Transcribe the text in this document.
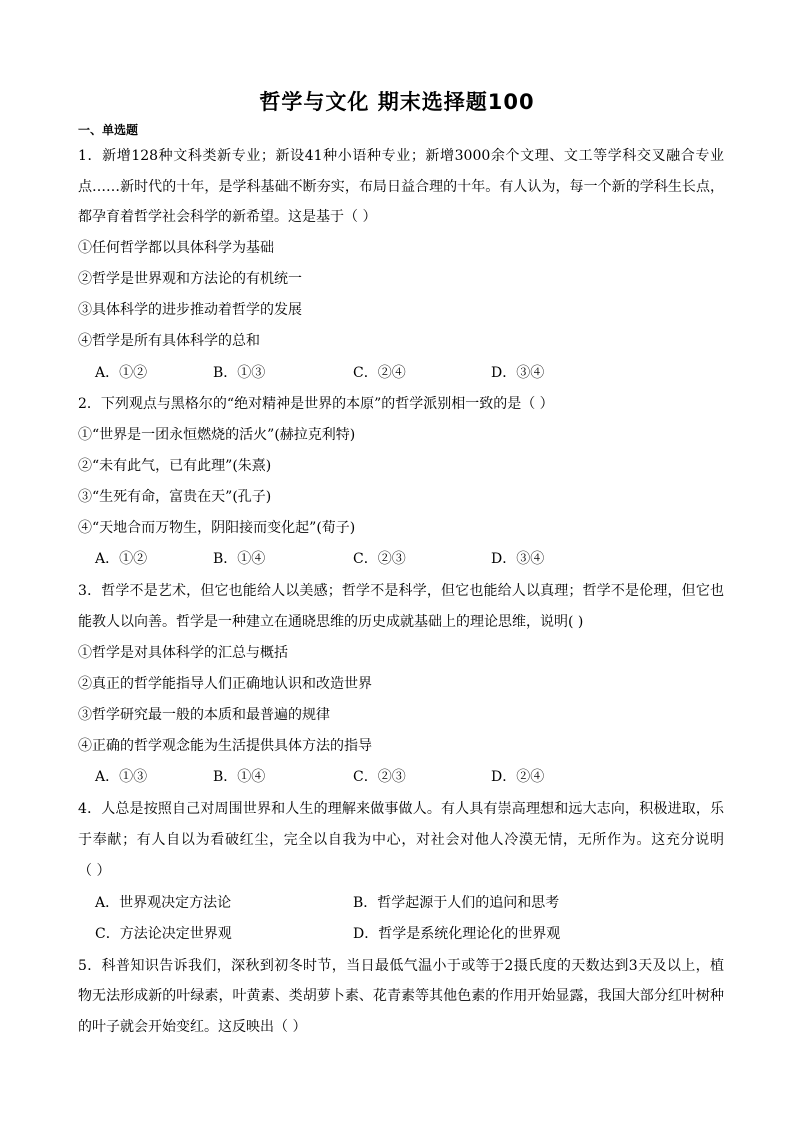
哲学与文化 期末选择题100
一、单选题
1．新增128种文科类新专业；新设41种小语种专业；新增3000余个文理、文工等学科交叉融合专业
点……新时代的十年，是学科基础不断夯实，布局日益合理的十年。有人认为，每一个新的学科生长点，
都孕育着哲学社会科学的新希望。这是基于（ ）
①任何哲学都以具体科学为基础
②哲学是世界观和方法论的有机统一
③具体科学的进步推动着哲学的发展
④哲学是所有具体科学的总和
A．①②	B．①③	C．②④	D．③④
2．下列观点与黑格尔的“绝对精神是世界的本原”的哲学派别相一致的是（ ）
①“世界是一团永恒燃烧的活火”(赫拉克利特)
②“未有此气，已有此理”(朱熹)
③“生死有命，富贵在天”(孔子)
④“天地合而万物生，阴阳接而变化起”(荀子)
A．①②	B．①④	C．②③	D．③④
3．哲学不是艺术，但它也能给人以美感；哲学不是科学，但它也能给人以真理；哲学不是伦理，但它也
能教人以向善。哲学是一种建立在通晓思维的历史成就基础上的理论思维，说明( )
①哲学是对具体科学的汇总与概括
②真正的哲学能指导人们正确地认识和改造世界
③哲学研究最一般的本质和最普遍的规律
④正确的哲学观念能为生活提供具体方法的指导
A．①③	B．①④	C．②③	D．②④
4．人总是按照自己对周围世界和人生的理解来做事做人。有人具有崇高理想和远大志向，积极进取，乐
于奉献；有人自以为看破红尘，完全以自我为中心，对社会对他人冷漠无情，无所作为。这充分说明
（ ）
A．世界观决定方法论	B．哲学起源于人们的追问和思考
C．方法论决定世界观	D．哲学是系统化理论化的世界观
5．科普知识告诉我们，深秋到初冬时节，当日最低气温小于或等于2摄氏度的天数达到3天及以上，植
物无法形成新的叶绿素，叶黄素、类胡萝卜素、花青素等其他色素的作用开始显露，我国大部分红叶树种
的叶子就会开始变红。这反映出（ ）
